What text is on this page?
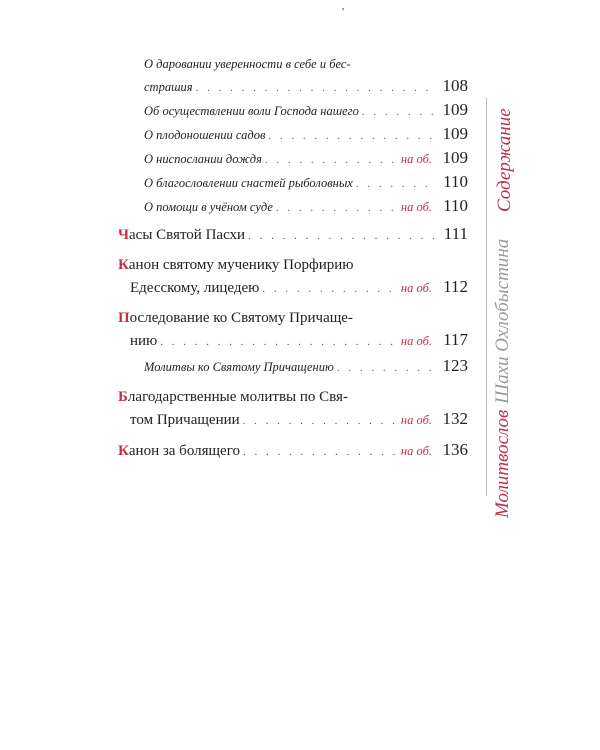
О даровании уверенности в себе и бес-
страшия . . .	108
Об осуществлении воли Господа нашего . . .	109
О плодоношении садов . . .	109
О ниспослании дождя . . .	на об. 109
О благословлении снастей рыболовных . . .	110
О помощи в учёном суде . . .	на об. 110
Часы Святой Пасхи . . .	111
Канон святому мученику Порфирию
Едесскому, лицедею . . .	на об. 112
Последование ко Святому Причаще-
нию . . .	на об. 117
Молитвы ко Святому Причащению . . .	123
Благодарственные молитвы по Свя-
том Причащении . . .	на об. 132
Канон за болящего . . .	на об. 136 МолитвословШахи Охлобыстина
Содержание
